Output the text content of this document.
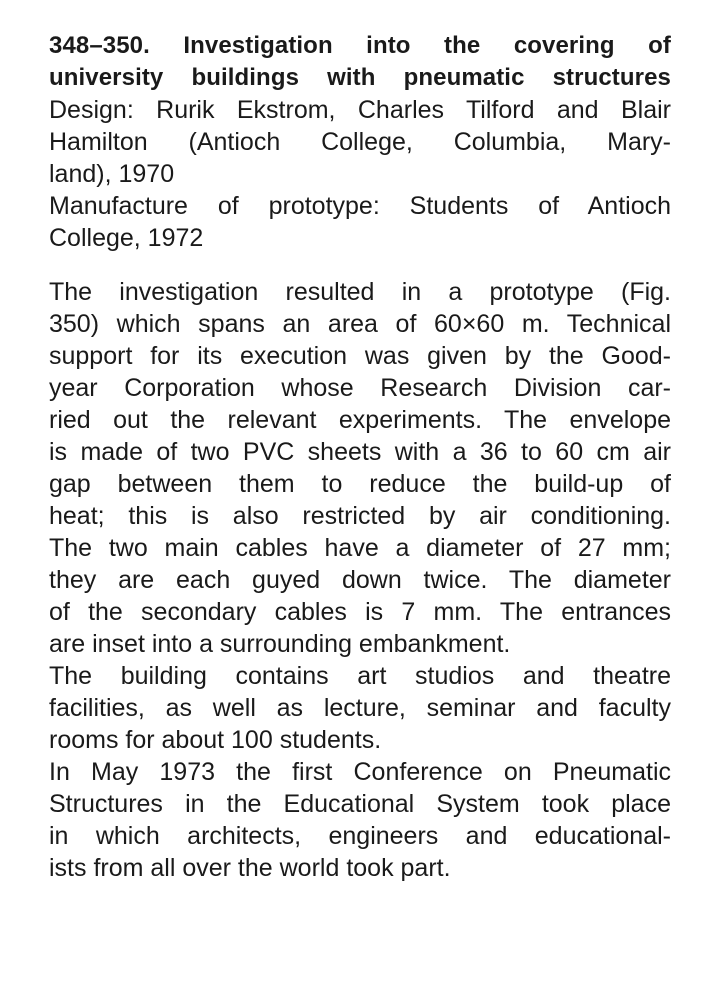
348–350. Investigation into the covering of
university buildings with pneumatic structures
Design: Rurik Ekstrom, Charles Tilford and Blair
Hamilton (Antioch College, Columbia, Mary-
land), 1970
Manufacture of prototype: Students of Antioch
College, 1972
The investigation resulted in a prototype (Fig.
350) which spans an area of 60×60 m. Technical
support for its execution was given by the Good-
year Corporation whose Research Division car-
ried out the relevant experiments. The envelope
is made of two PVC sheets with a 36 to 60 cm air
gap between them to reduce the build-up of
heat; this is also restricted by air conditioning.
The two main cables have a diameter of 27 mm;
they are each guyed down twice. The diameter
of the secondary cables is 7 mm. The entrances
are inset into a surrounding embankment.
The building contains art studios and theatre
facilities, as well as lecture, seminar and faculty
rooms for about 100 students.
In May 1973 the first Conference on Pneumatic
Structures in the Educational System took place
in which architects, engineers and educational-
ists from all over the world took part.
